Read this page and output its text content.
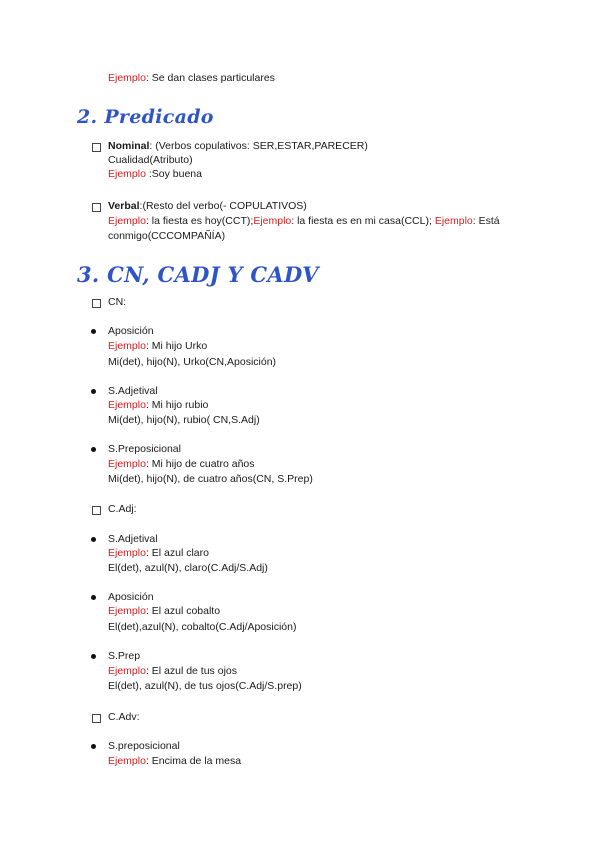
Ejemplo: Se dan clases particulares
2. Predicado
Nominal: (Verbos copulativos: SER,ESTAR,PARECER)
Cualidad(Atributo)
Ejemplo :Soy buena
Verbal:(Resto del verbo(- COPULATIVOS)
Ejemplo: la fiesta es hoy(CCT);Ejemplo: la fiesta es en mi casa(CCL); Ejemplo: Está
conmigo(CCCOMPAÑÍA)
3. CN, CADJ Y CADV
CN:
Aposición
Ejemplo: Mi hijo Urko
Mi(det), hijo(N), Urko(CN,Aposición)
S.Adjetival
Ejemplo: Mi hijo rubio
Mi(det), hijo(N), rubio( CN,S.Adj)
S.Preposicional
Ejemplo: Mi hijo de cuatro años
Mi(det), hijo(N), de cuatro años(CN, S.Prep)
C.Adj:
S.Adjetival
Ejemplo: El azul claro
El(det), azul(N), claro(C.Adj/S.Adj)
Aposición
Ejemplo: El azul cobalto
El(det),azul(N), cobalto(C.Adj/Aposición)
S.Prep
Ejemplo: El azul de tus ojos
El(det), azul(N), de tus ojos(C.Adj/S.prep)
C.Adv:
S.preposicional
Ejemplo: Encima de la mesa
